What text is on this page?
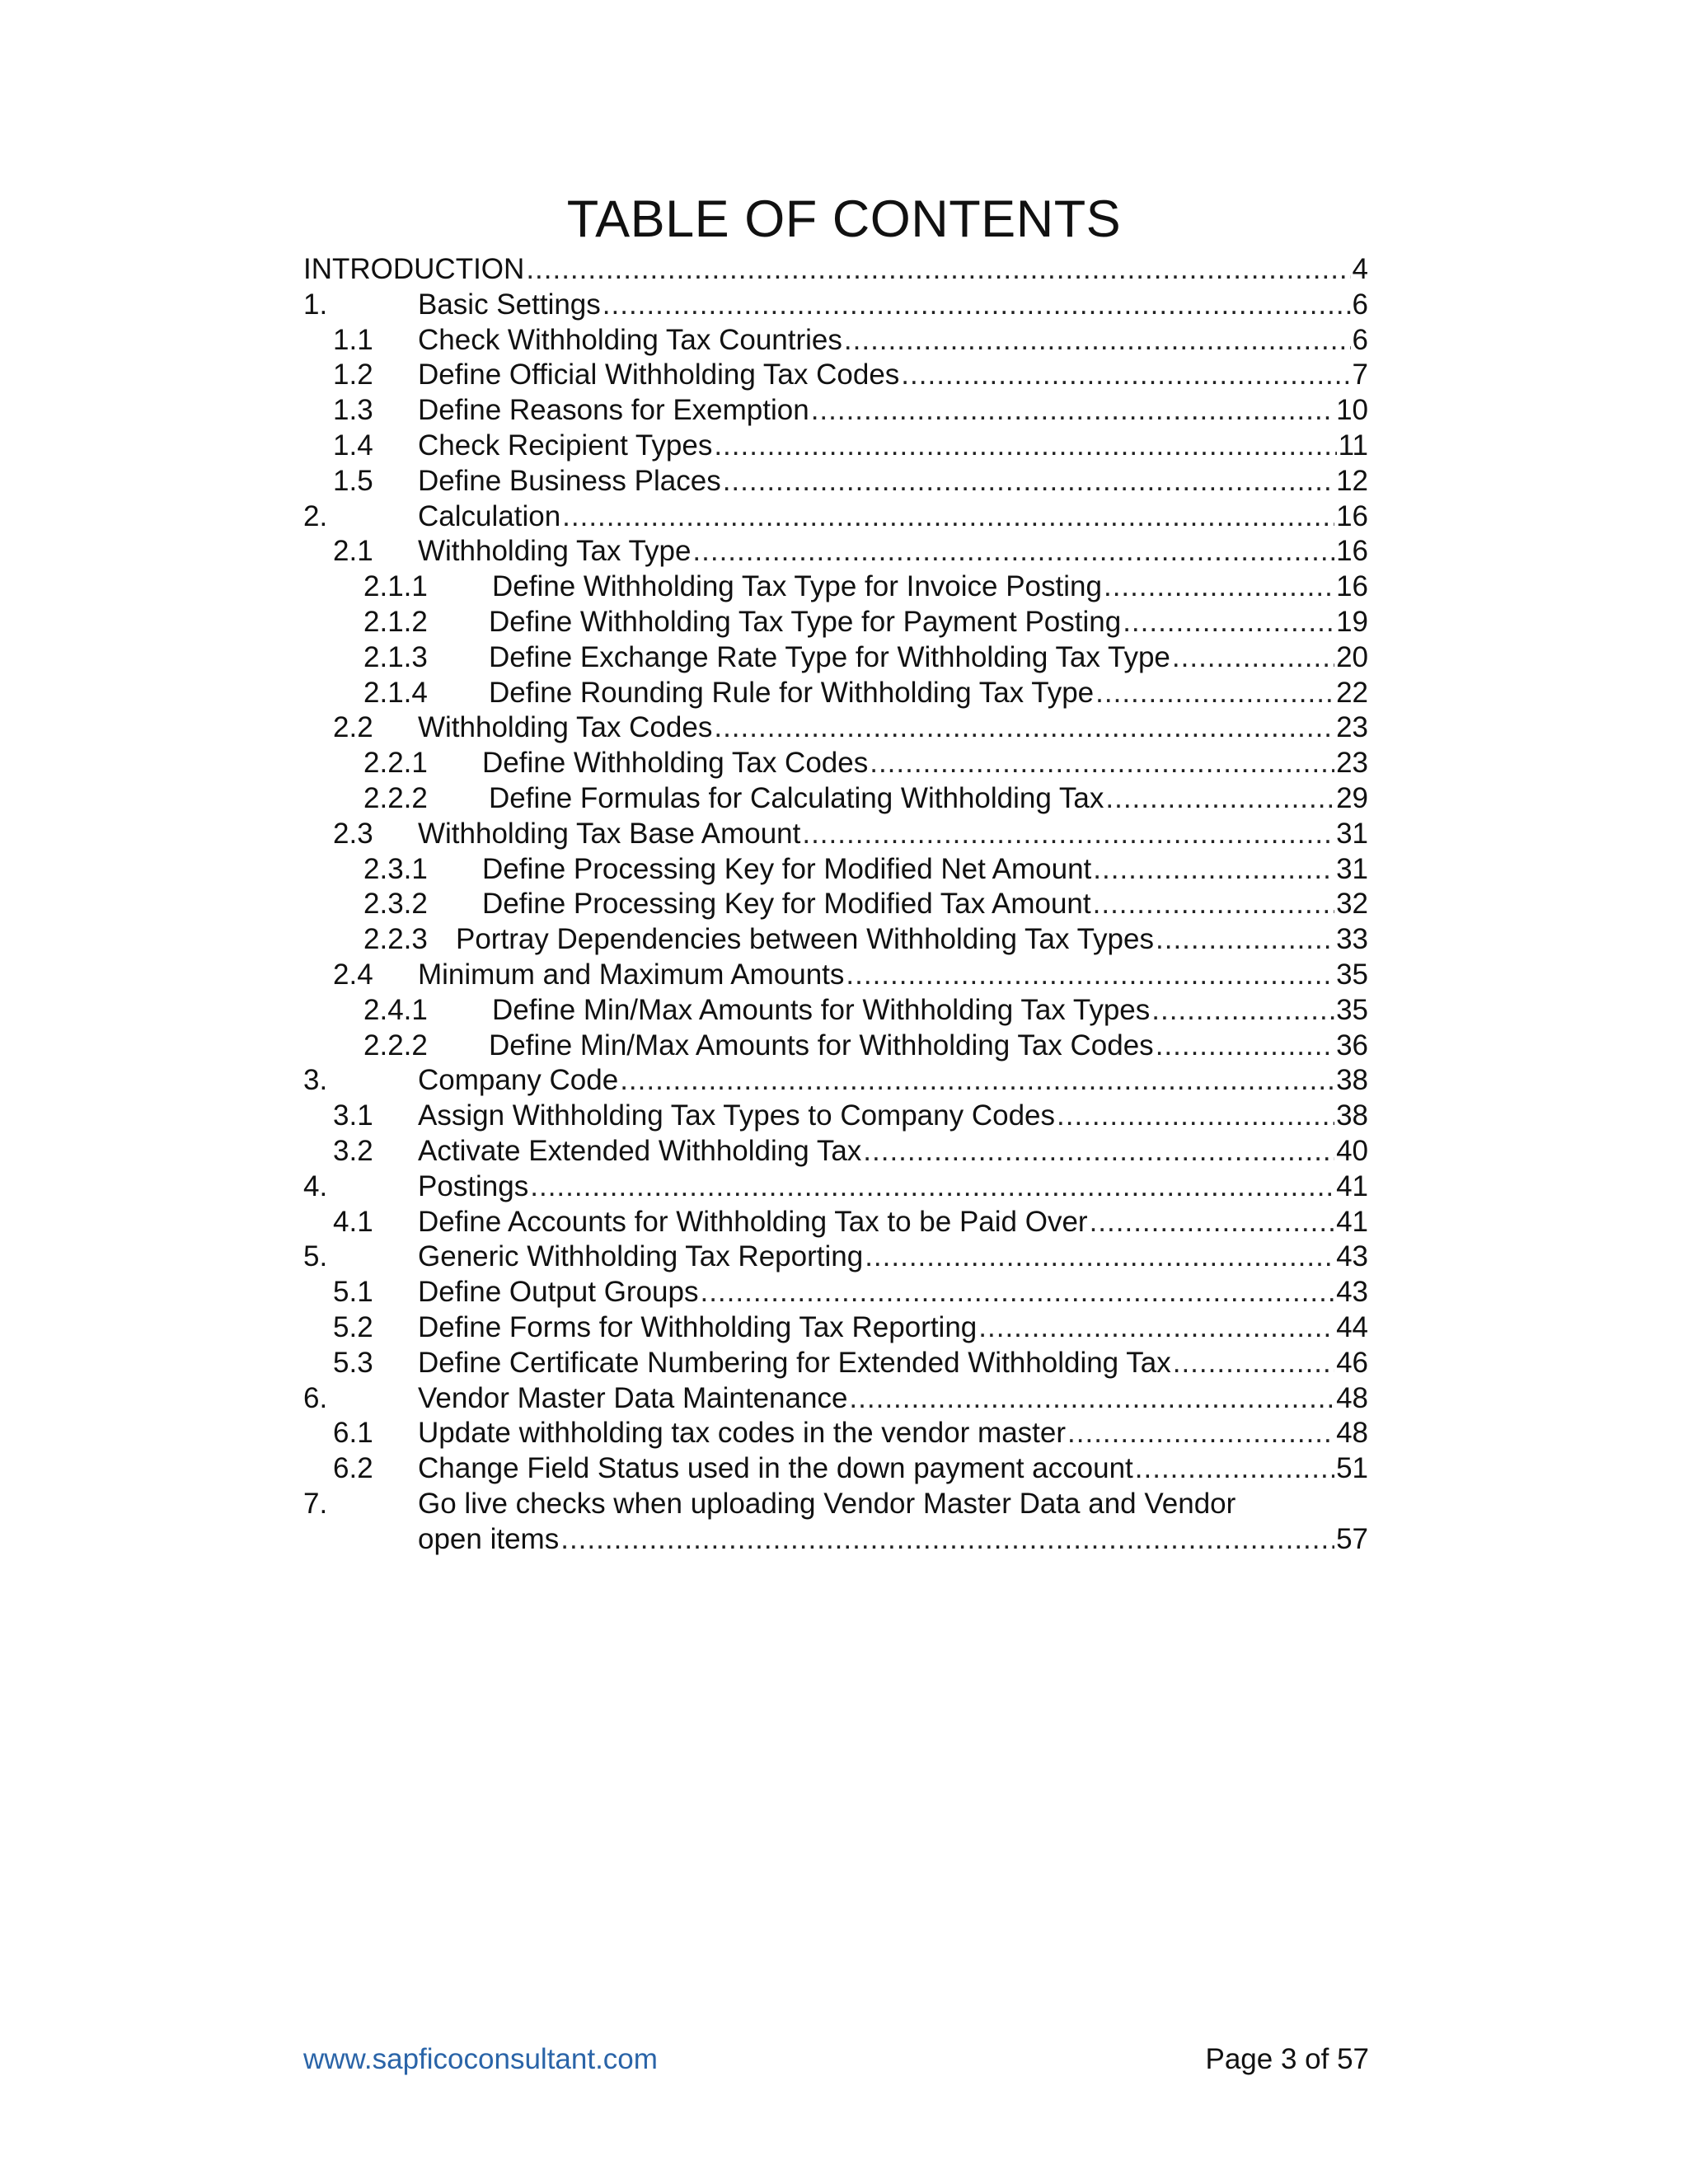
TABLE OF CONTENTS
INTRODUCTION .....	4
1.	Basic Settings .....	6
1.1 Check Withholding Tax Countries .....	6
1.2 Define Official Withholding Tax Codes .....	7
1.3 Define Reasons for Exemption .....	10
1.4 Check Recipient Types .....	11
1.5 Define Business Places .....	12
2.	Calculation .....	16
2.1 Withholding Tax Type .....	16
2.1.1 Define Withholding Tax Type for Invoice Posting .....	16
2.1.2 Define Withholding Tax Type for Payment Posting .....	19
2.1.3 Define Exchange Rate Type for Withholding Tax Type .....	20
2.1.4 Define Rounding Rule for Withholding Tax Type .....	22
2.2 Withholding Tax Codes .....	23
2.2.1 Define Withholding Tax Codes .....	23
2.2.2 Define Formulas for Calculating Withholding Tax .....	29
2.3 Withholding Tax Base Amount .....	31
2.3.1 Define Processing Key for Modified Net Amount .....	31
2.3.2 Define Processing Key for Modified Tax Amount .....	32
2.2.3 Portray Dependencies between Withholding Tax Types .....	33
2.4 Minimum and Maximum Amounts .....	35
2.4.1 Define Min/Max Amounts for Withholding Tax Types .....	35
2.2.2 Define Min/Max Amounts for Withholding Tax Codes .....	36
3.	Company Code .....	38
3.1 Assign Withholding Tax Types to Company Codes .....	38
3.2 Activate Extended Withholding Tax .....	40
4.	Postings .....	41
4.1 Define Accounts for Withholding Tax to be Paid Over .....	41
5.	Generic Withholding Tax Reporting .....	43
5.1 Define Output Groups .....	43
5.2 Define Forms for Withholding Tax Reporting .....	44
5.3 Define Certificate Numbering for Extended Withholding Tax .....	46
6.	Vendor Master Data Maintenance .....	48
6.1 Update withholding tax codes in the vendor master .....	48
6.2 Change Field Status used in the down payment account .....	51
7.	Go live checks when uploading Vendor Master Data and Vendor
open items .....	57
www.sapficoconsultant.com	Page 3 of 57
